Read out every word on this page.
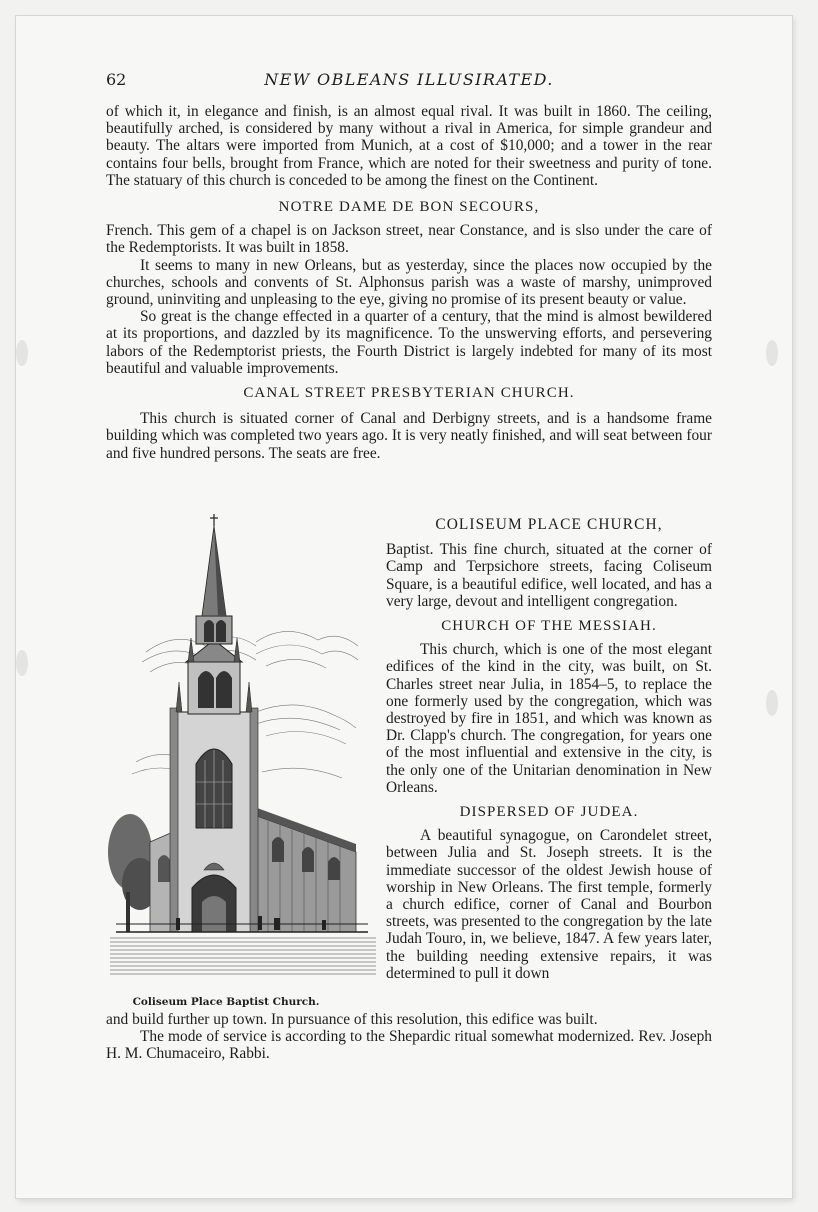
62	NEW OBLEANS ILLUSIRATED.

of which it, in elegance and finish, is an almost equal rival. It was built in 1860. The ceiling, beautifully arched, is considered by many without a rival in America, for simple grandeur and beauty. The altars were imported from Munich, at a cost of $10,000; and a tower in the rear contains four bells, brought from France, which are noted for their sweetness and purity of tone. The statuary of this church is conceded to be among the finest on the Continent.

NOTRE DAME DE BON SECOURS,

French. This gem of a chapel is on Jackson street, near Constance, and is slso under the care of the Redemptorists. It was built in 1858.

It seems to many in new Orleans, but as yesterday, since the places now occupied by the churches, schools and convents of St. Alphonsus parish was a waste of marshy, unimproved ground, uninviting and unpleasing to the eye, giving no promise of its present beauty or value.

So great is the change effected in a quarter of a century, that the mind is almost bewildered at its proportions, and dazzled by its magnificence. To the unswerving efforts, and persevering labors of the Redemptorist priests, the Fourth District is largely indebted for many of its most beautiful and valuable improvements.

CANAL STREET PRESBYTERIAN CHURCH.

This church is situated corner of Canal and Derbigny streets, and is a handsome frame building which was completed two years ago. It is very neatly finished, and will seat between four and five hundred persons. The seats are free.

Coliseum Place Baptist Church.
COLISEUM PLACE CHURCH,

Baptist. This fine church, situated at the corner of Camp and Terpsichore streets, facing Coliseum Square, is a beautiful edifice, well located, and has a very large, devout and intelligent congregation.

CHURCH OF THE MESSIAH.

This church, which is one of the most elegant edifices of the kind in the city, was built, on St. Charles street near Julia, in 1854–5, to replace the one formerly used by the congregation, which was destroyed by fire in 1851, and which was known as Dr. Clapp's church. The congregation, for years one of the most influential and extensive in the city, is the only one of the Unitarian denomination in New Orleans.

DISPERSED OF JUDEA.

A beautiful synagogue, on Carondelet street, between Julia and St. Joseph streets. It is the immediate successor of the oldest Jewish house of worship in New Orleans. The first temple, formerly a church edifice, corner of Canal and Bourbon streets, was presented to the congregation by the late Judah Touro, in, we believe, 1847. A few years later, the building needing extensive repairs, it was determined to pull it down

and build further up town. In pursuance of this resolution, this edifice was built.

The mode of service is according to the Shepardic ritual somewhat modernized. Rev. Joseph H. M. Chumaceiro, Rabbi.
